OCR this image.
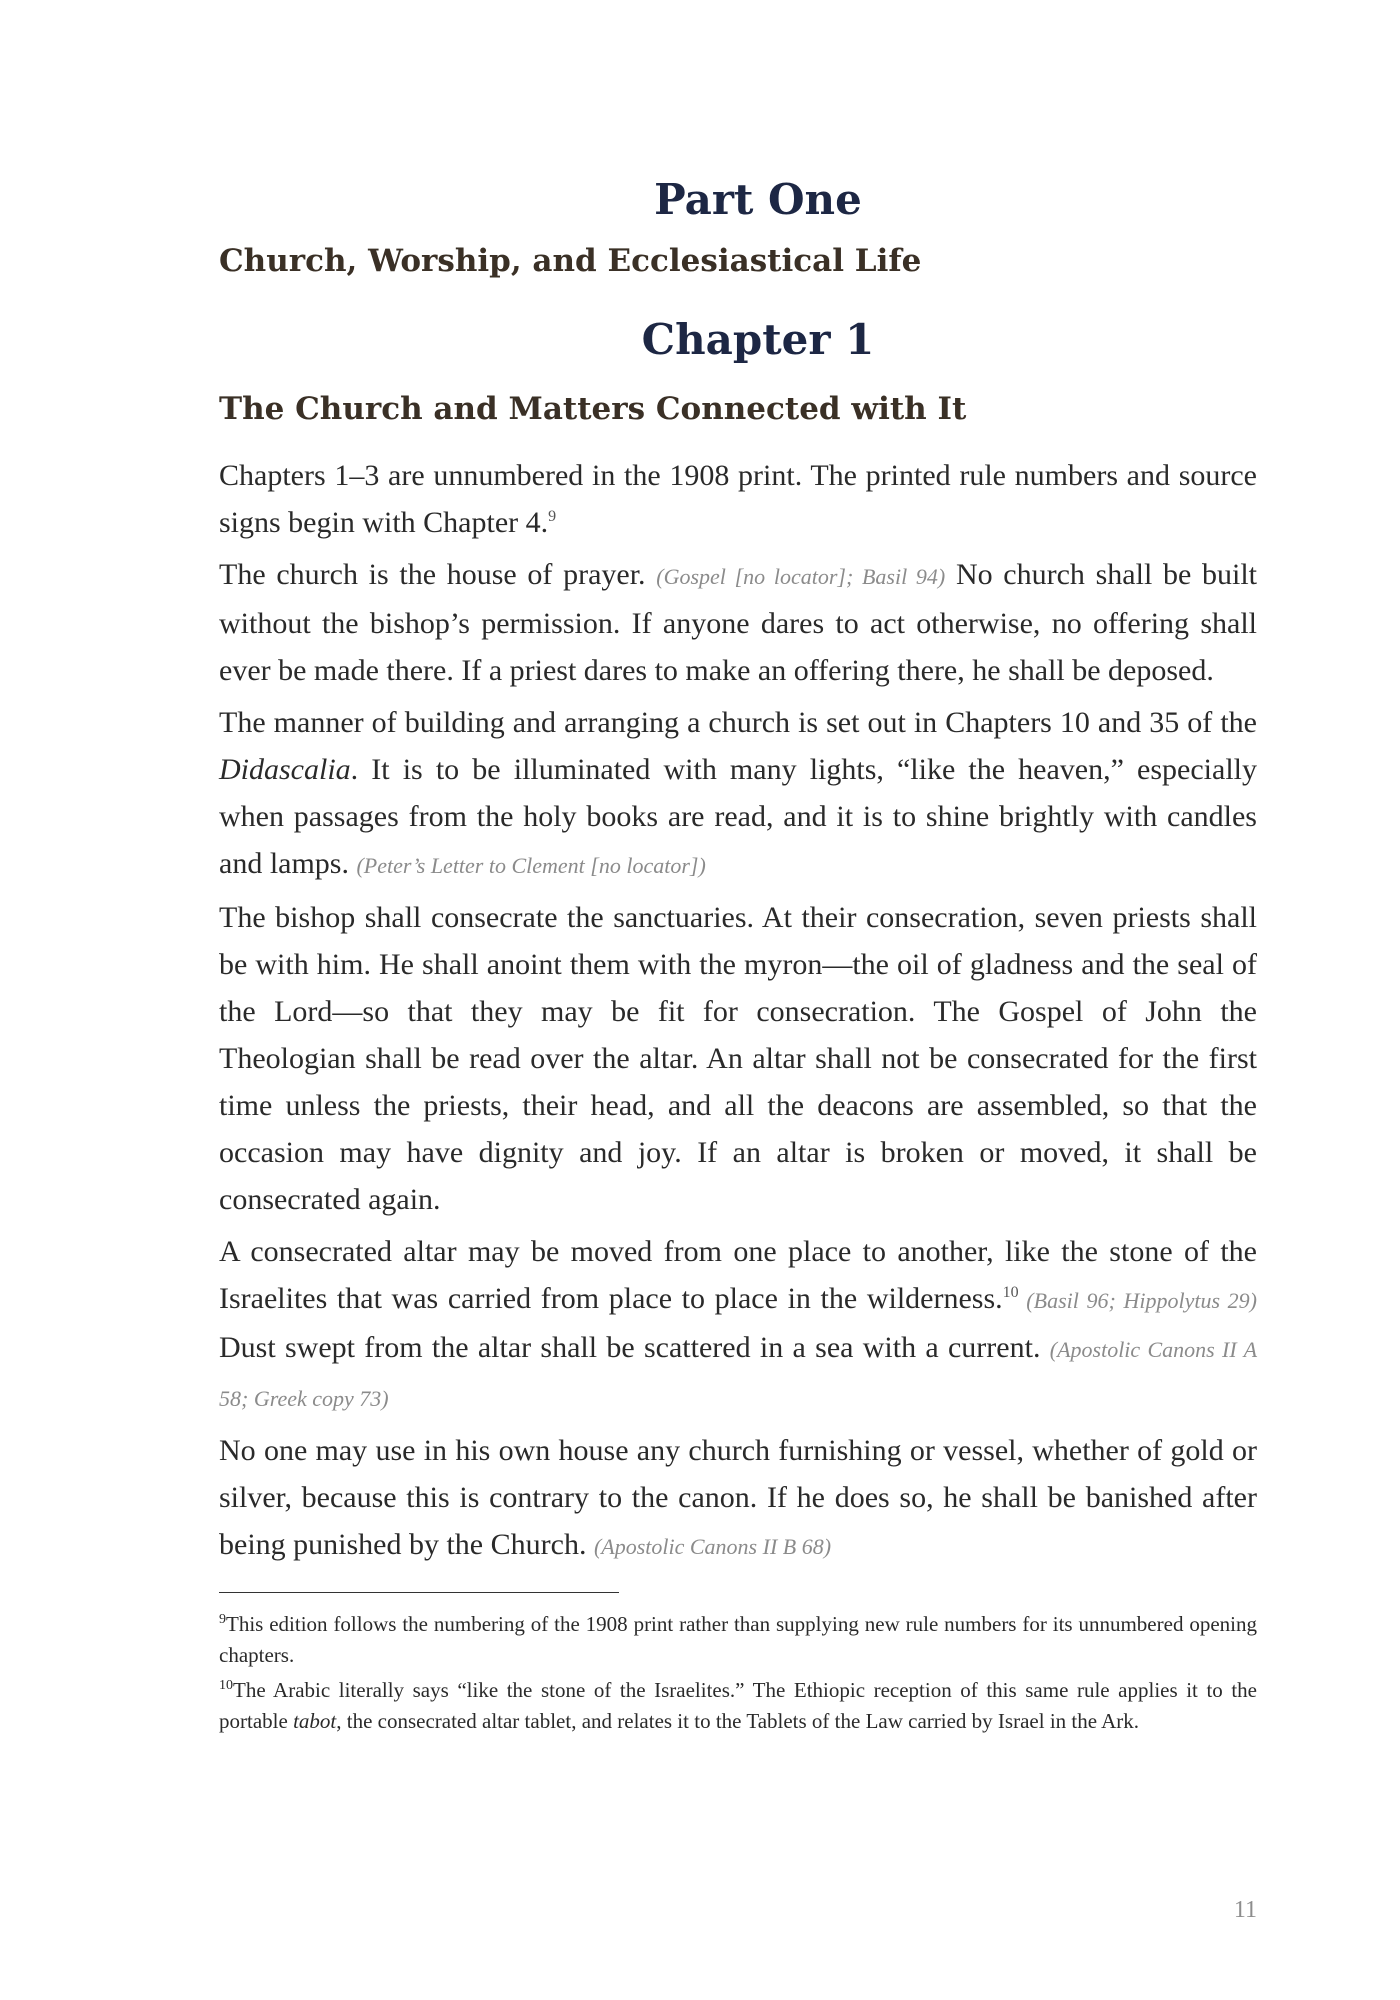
Part One
Church, Worship, and Ecclesiastical Life
Chapter 1
The Church and Matters Connected with It

Chapters 1–3 are unnumbered in the 1908 print. The printed rule numbers and source signs begin with Chapter 4.$^9$

The church is the house of prayer. (Gospel [no locator]; Basil 94) No church shall be built without the bishop’s permission. If anyone dares to act otherwise, no offering shall ever be made there. If a priest dares to make an offering there, he shall be deposed.

The manner of building and arranging a church is set out in Chapters 10 and 35 of the Didascalia. It is to be illuminated with many lights, “like the heaven,” especially when passages from the holy books are read, and it is to shine brightly with candles and lamps. (Peter’s Letter to Clement [no locator])

The bishop shall consecrate the sanctuaries. At their consecration, seven priests shall be with him. He shall anoint them with the myron—the oil of gladness and the seal of the Lord—so that they may be fit for consecration. The Gospel of John the Theologian shall be read over the altar. An altar shall not be consecrated for the first time unless the priests, their head, and all the deacons are assembled, so that the occasion may have dignity and joy. If an altar is broken or moved, it shall be consecrated again.

A consecrated altar may be moved from one place to another, like the stone of the Israelites that was carried from place to place in the wilderness.$^{10}$ (Basil 96; Hippolytus 29) Dust swept from the altar shall be scattered in a sea with a current. (Apostolic Canons II A 58; Greek copy 73)

No one may use in his own house any church furnishing or vessel, whether of gold or silver, because this is contrary to the canon. If he does so, he shall be banished after being punished by the Church. (Apostolic Canons II B 68)

$^9$This edition follows the numbering of the 1908 print rather than supplying new rule numbers for its unnumbered opening chapters.

$^{10}$The Arabic literally says “like the stone of the Israelites.” The Ethiopic reception of this same rule applies it to the portable tabot, the consecrated altar tablet, and relates it to the Tablets of the Law carried by Israel in the Ark.

11
